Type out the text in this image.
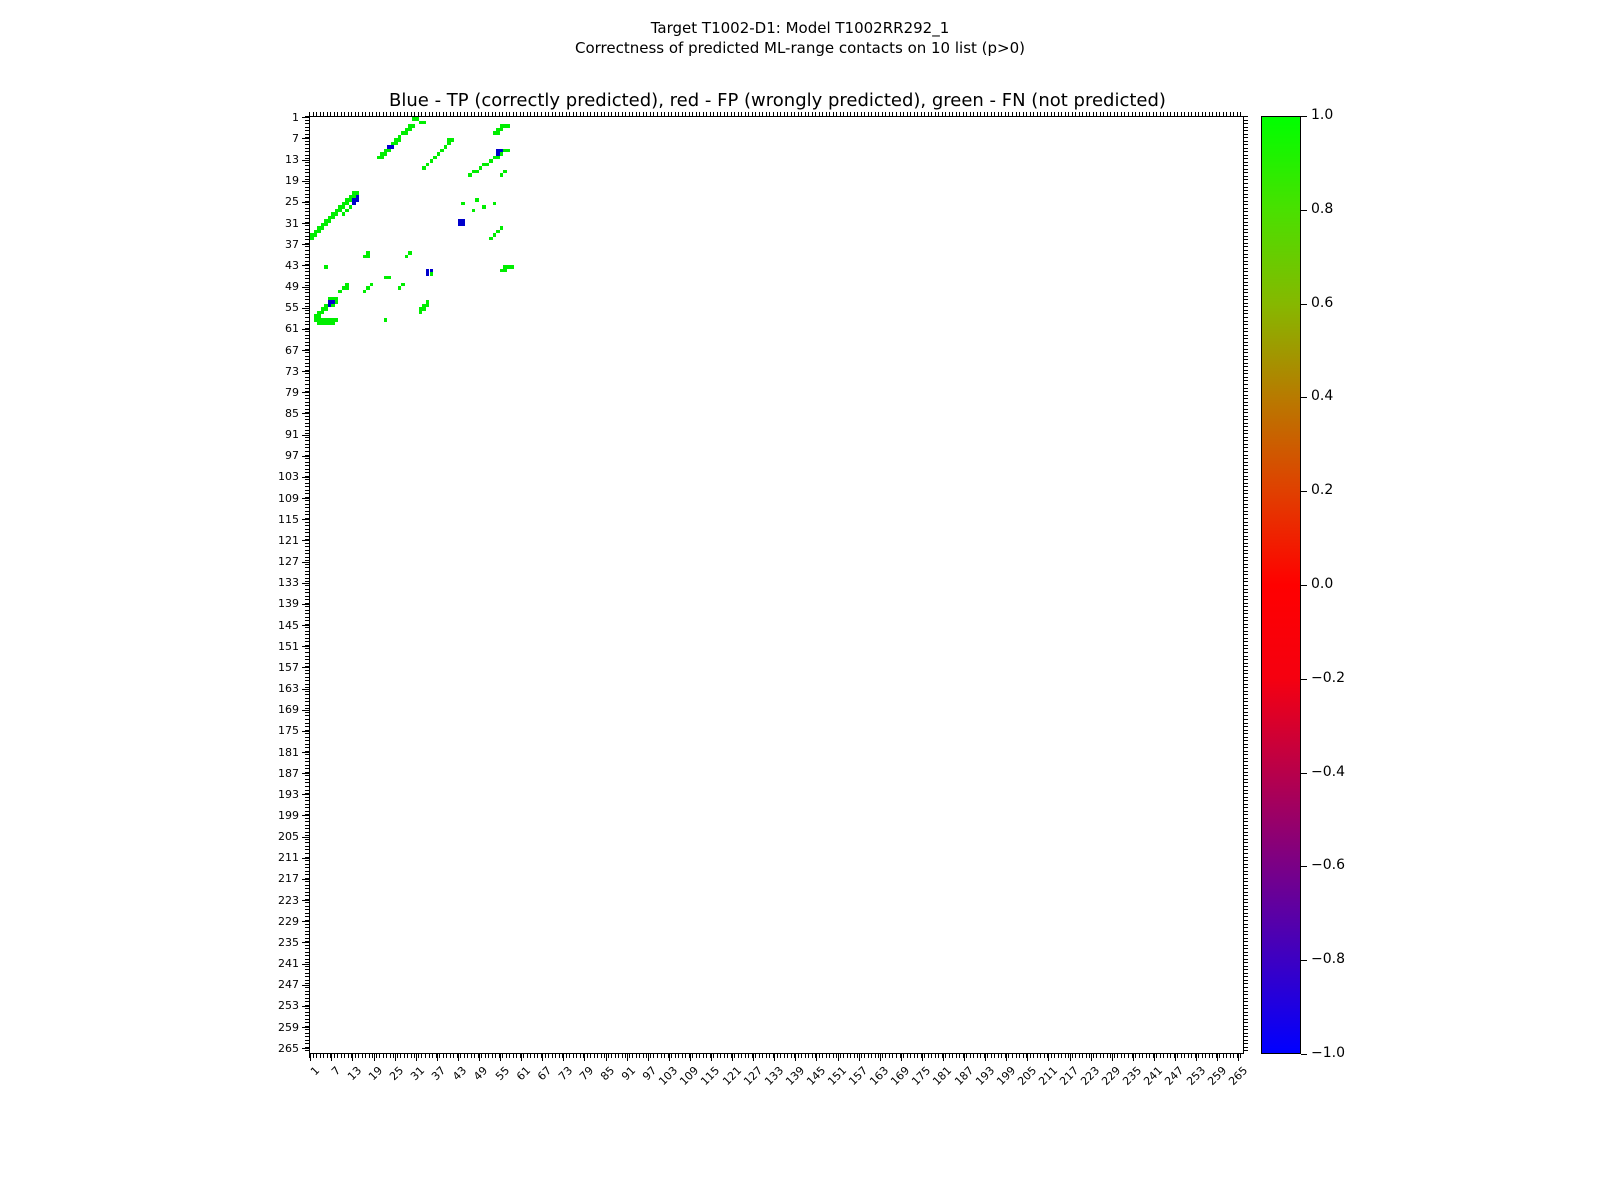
Target T1002-D1: Model T1002RR292_1
Correctness of predicted ML-range contacts on 10 list (p>0)
Blue - TP (correctly predicted), red - FP (wrongly predicted), green - FN (not predicted)
1
7
13
19
25
31
37
43
49
55
61
67
73
79
85
91
97
103
109
115
121
127
133
139
145
151
157
163
169
175
181
187
193
199
205
211
217
223
229
235
241
247
253
259
265
1 7 13 19 25 31 37 43 49 55 61 67 73 79 85 91 97
103
109
115
121
127
133
139
145
151
157
163
169
175
181
187
193
199
205
211
217
223
229
235
241
247
253
259
265
1.0
0.8
0.6
0.4
0.2
0.0
−0.2
−0.4
−0.6
−0.8
−1.0
